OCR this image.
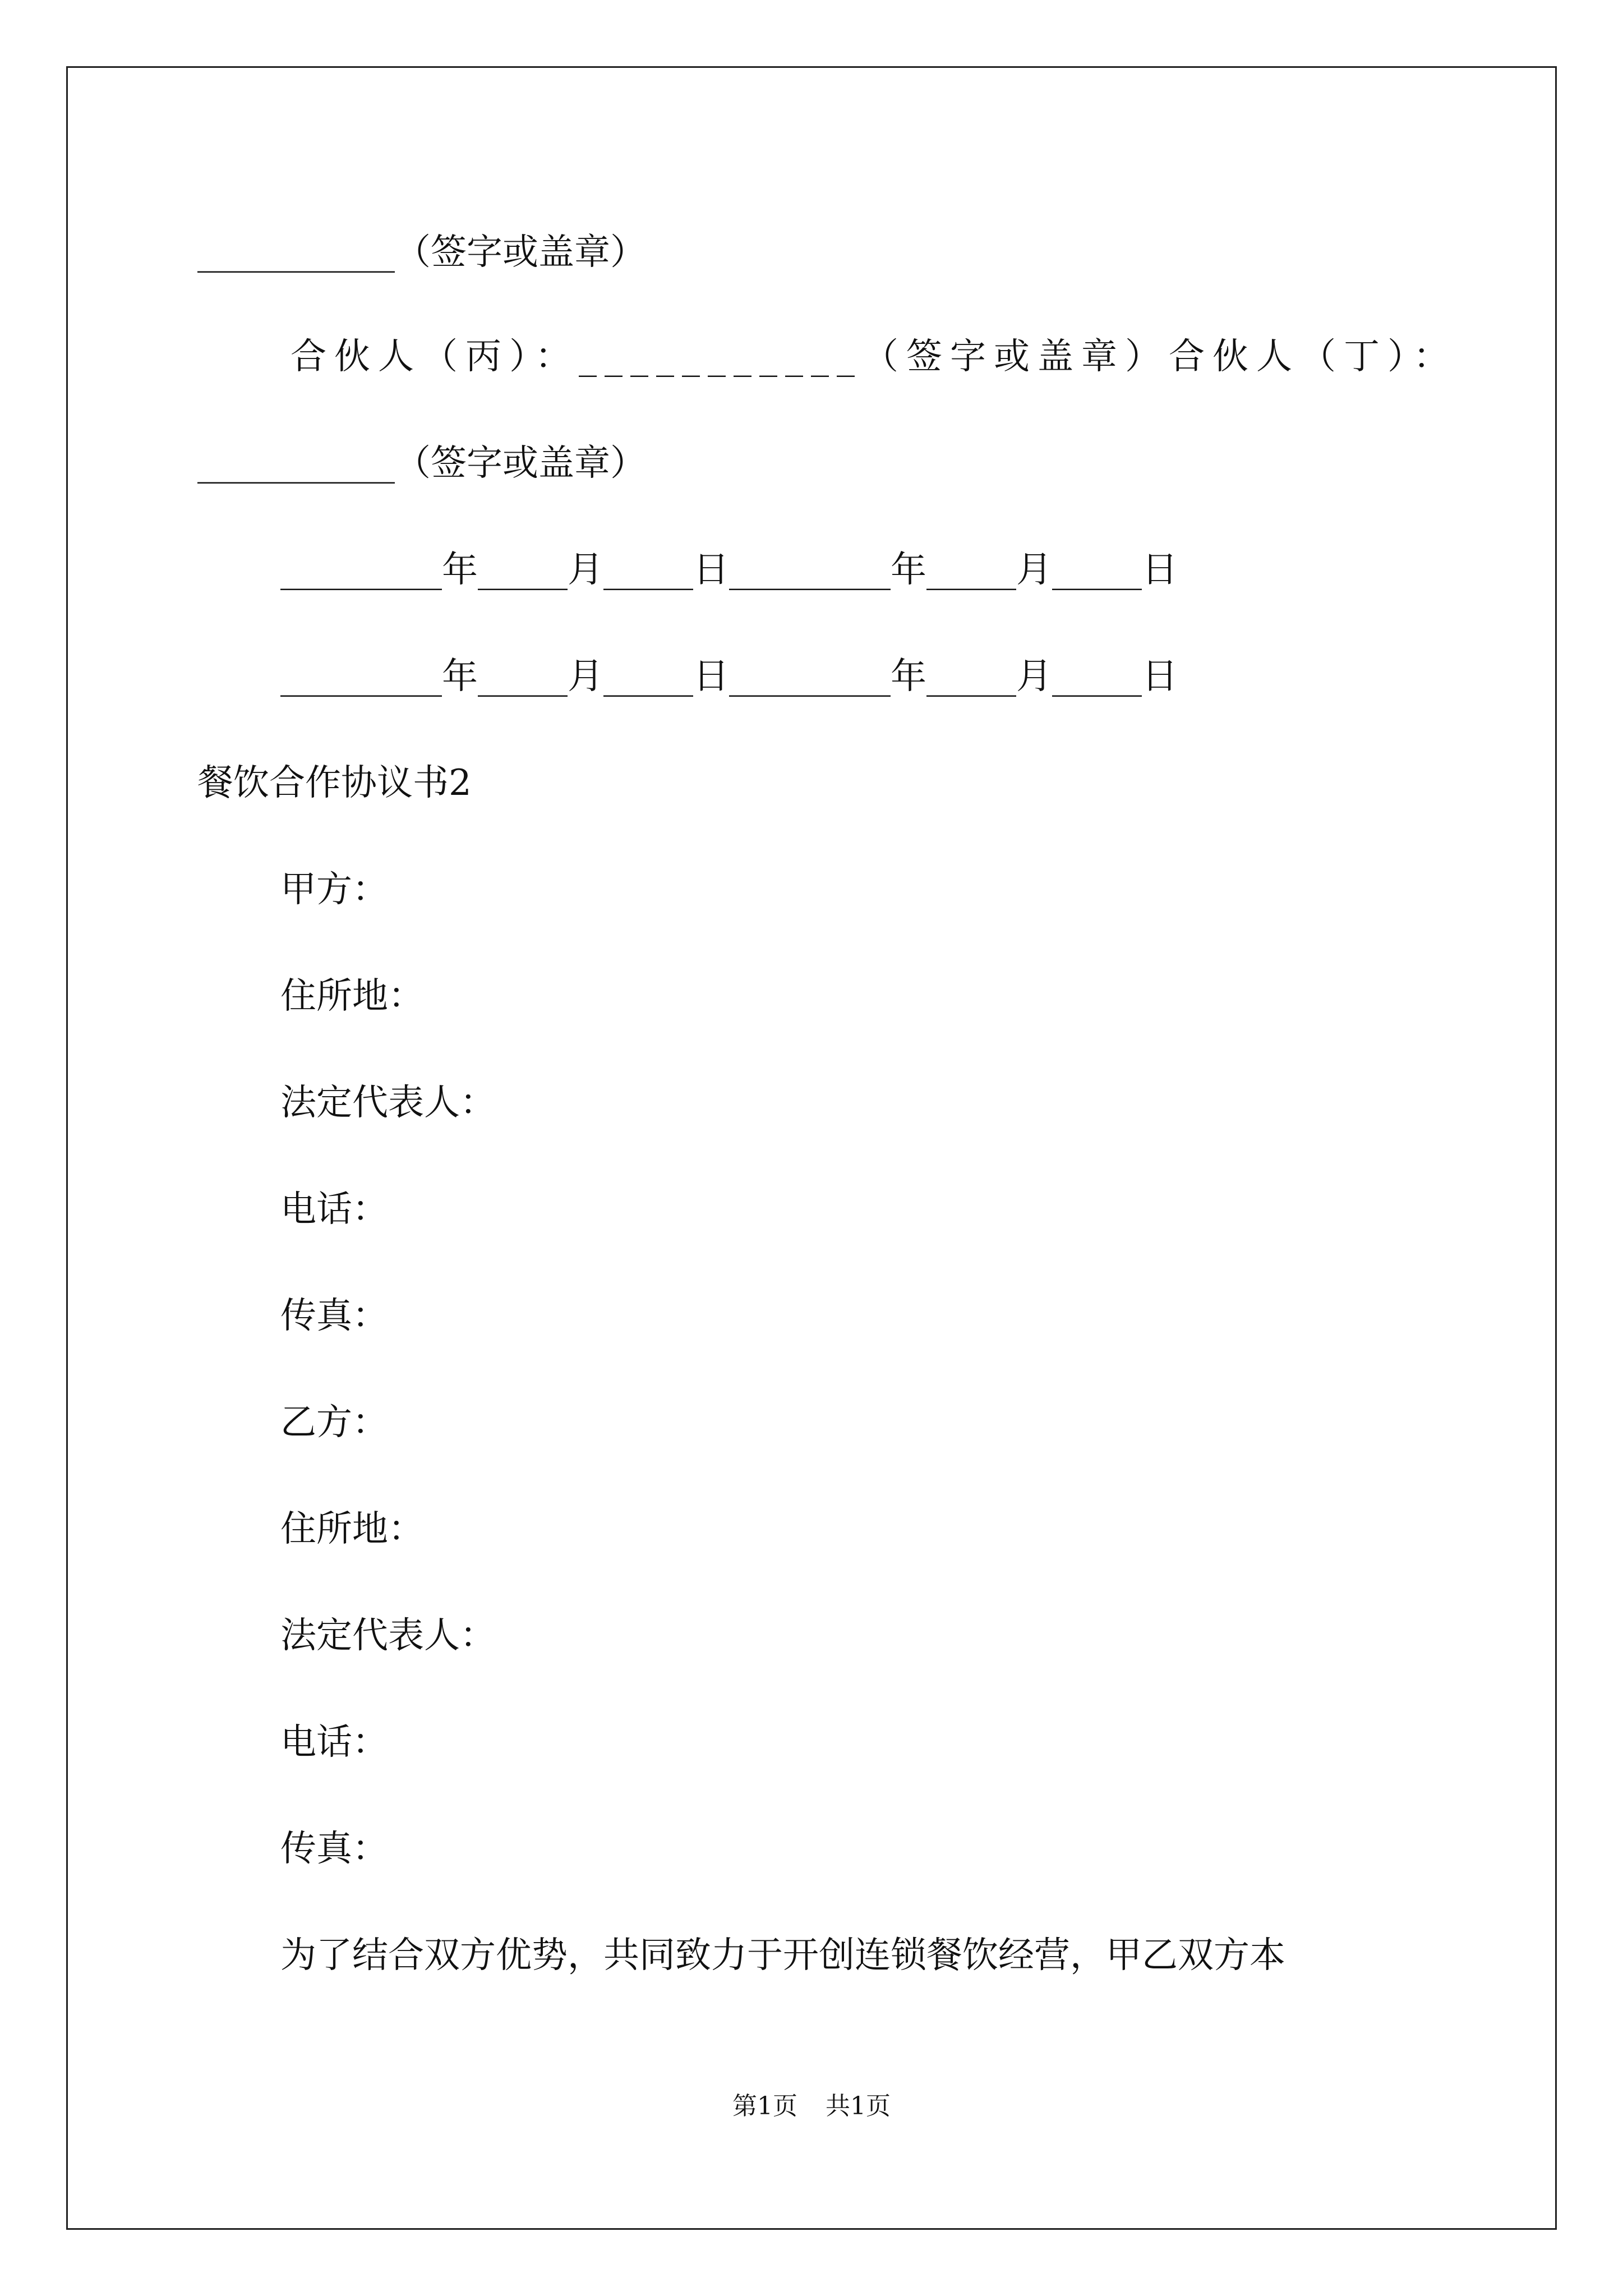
___________（签字或盖章）
合伙人（丙）：___________（签字或盖章）合伙人（丁）：
___________（签字或盖章）
_________年_____月_____日_________年_____月_____日
_________年_____月_____日_________年_____月_____日
餐饮合作协议书2
甲方：
住所地：
法定代表人：
电话：
传真：
乙方：
住所地：
法定代表人：
电话：
传真：
为了结合双方优势，共同致力于开创连锁餐饮经营，甲乙双方本
第1页 共1页
